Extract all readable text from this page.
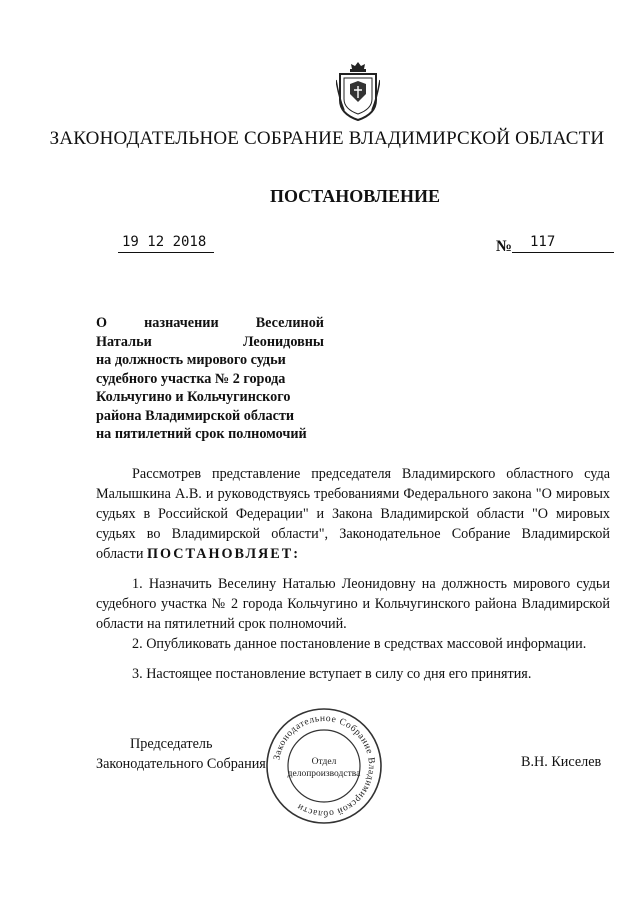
ЗАКОНОДАТЕЛЬНОЕ СОБРАНИЕ ВЛАДИМИРСКОЙ ОБЛАСТИ
ПОСТАНОВЛЕНИЕ
19 12 2018	№	117
О	назначении	Веселиной
Натальи	Леонидовны
на должность мирового судьи
судебного участка № 2 города
Кольчугино и Кольчугинского
района Владимирской области
на пятилетний срок полномочий

Рассмотрев представление председателя Владимирского областного суда Малышкина А.В. и руководствуясь требованиями Федерального закона "О мировых судьях в Российской Федерации" и Закона Владимирской области "О мировых судьях во Владимирской области", Законодательное Собрание Владимирской области ПОСТАНОВЛЯЕТ:

1. Назначить Веселину Наталью Леонидовну на должность мирового судьи судебного участка № 2 города Кольчугино и Кольчугинского района Владимирской области на пятилетний срок полномочий.

2. Опубликовать данное постановление в средствах массовой информации.

3. Настоящее постановление вступает в силу со дня его принятия.

Председатель
Законодательного Собрания	В.Н. Киселев
Законодательное Собрание Владимирской области
Отдел
делопроизводства
